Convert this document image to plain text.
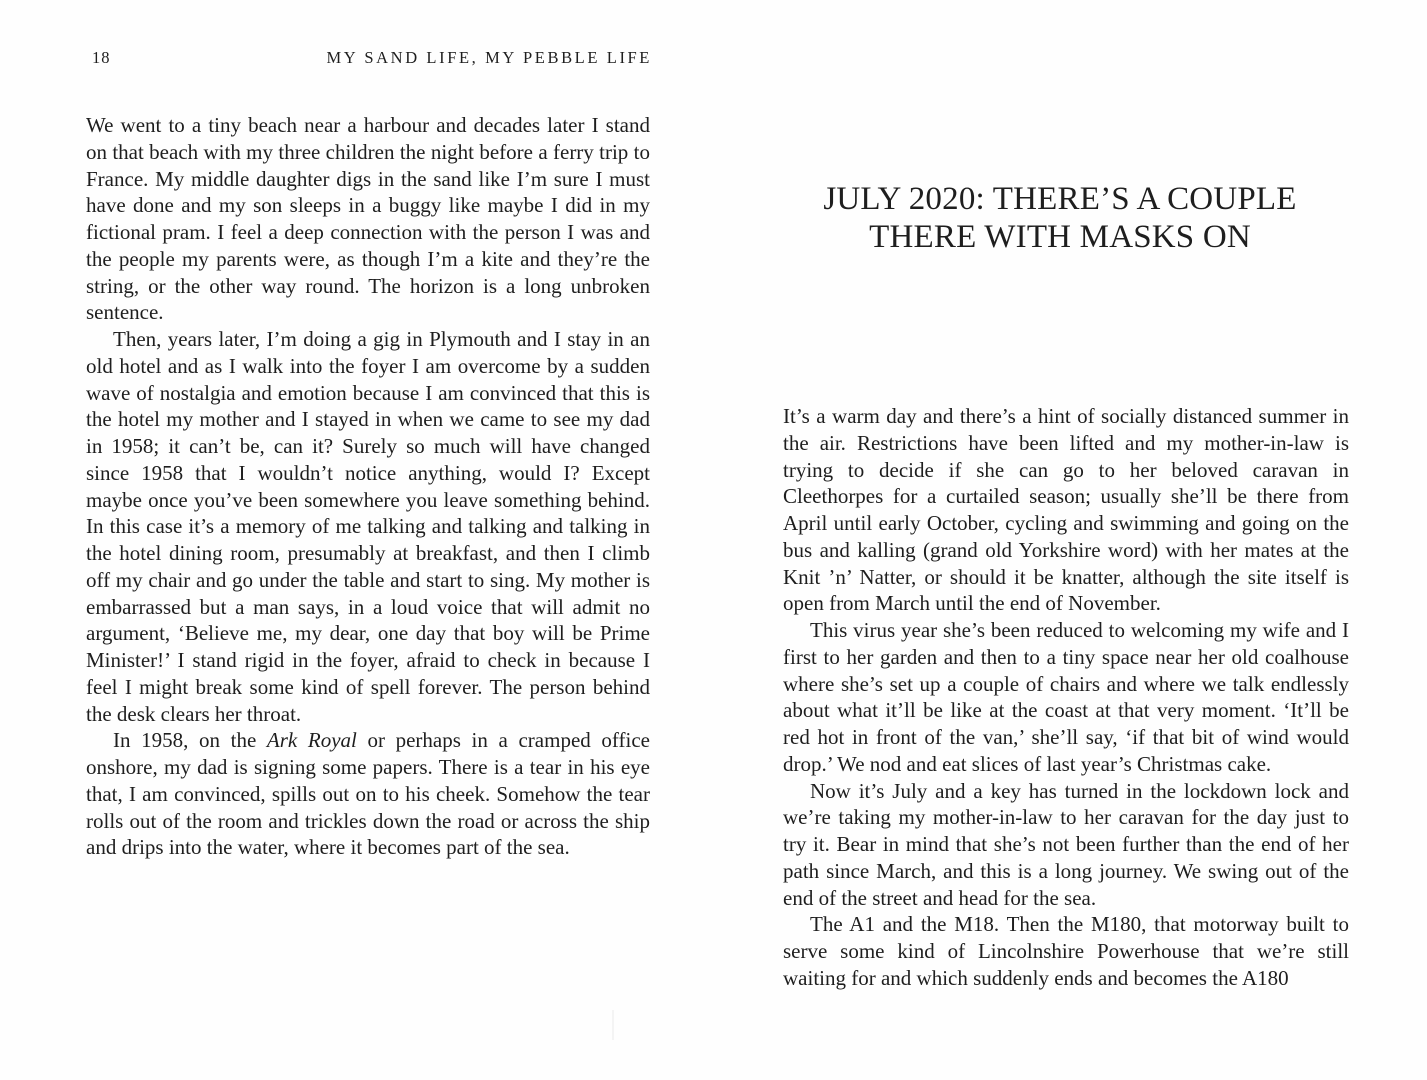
18	MY SAND LIFE, MY PEBBLE LIFE

We went to a tiny beach near a harbour and decades later I stand on that beach with my three children the night before a ferry trip to France. My middle daughter digs in the sand like I’m sure I must have done and my son sleeps in a buggy like maybe I did in my fictional pram. I feel a deep connection with the person I was and the people my parents were, as though I’m a kite and they’re the string, or the other way round. The horizon is a long unbroken sentence.

Then, years later, I’m doing a gig in Plymouth and I stay in an old hotel and as I walk into the foyer I am overcome by a sudden wave of nostalgia and emotion because I am convinced that this is the hotel my mother and I stayed in when we came to see my dad in 1958; it can’t be, can it? Surely so much will have changed since 1958 that I wouldn’t notice anything, would I? Except maybe once you’ve been somewhere you leave something behind. In this case it’s a memory of me talking and talking and talking in the hotel dining room, presumably at breakfast, and then I climb off my chair and go under the table and start to sing. My mother is embarrassed but a man says, in a loud voice that will admit no argument, ‘Believe me, my dear, one day that boy will be Prime Minister!’ I stand rigid in the foyer, afraid to check in because I feel I might break some kind of spell forever. The person behind the desk clears her throat.

In 1958, on the Ark Royal or perhaps in a cramped office onshore, my dad is signing some papers. There is a tear in his eye that, I am convinced, spills out on to his cheek. Somehow the tear rolls out of the room and trickles down the road or across the ship and drips into the water, where it becomes part of the sea.

JULY 2020: THERE’S A COUPLE
THERE WITH MASKS ON

It’s a warm day and there’s a hint of socially distanced summer in the air. Restrictions have been lifted and my mother-in-law is trying to decide if she can go to her beloved caravan in Cleethorpes for a curtailed season; usually she’ll be there from April until early October, cycling and swimming and going on the bus and kalling (grand old Yorkshire word) with her mates at the Knit ’n’ Natter, or should it be knatter, although the site itself is open from March until the end of November.

This virus year she’s been reduced to welcoming my wife and I first to her garden and then to a tiny space near her old coalhouse where she’s set up a couple of chairs and where we talk endlessly about what it’ll be like at the coast at that very moment. ‘It’ll be red hot in front of the van,’ she’ll say, ‘if that bit of wind would drop.’ We nod and eat slices of last year’s Christmas cake.

Now it’s July and a key has turned in the lockdown lock and we’re taking my mother-in-law to her caravan for the day just to try it. Bear in mind that she’s not been further than the end of her path since March, and this is a long journey. We swing out of the end of the street and head for the sea.

The A1 and the M18. Then the M180, that motorway built to serve some kind of Lincolnshire Powerhouse that we’re still waiting for and which suddenly ends and becomes the A180
